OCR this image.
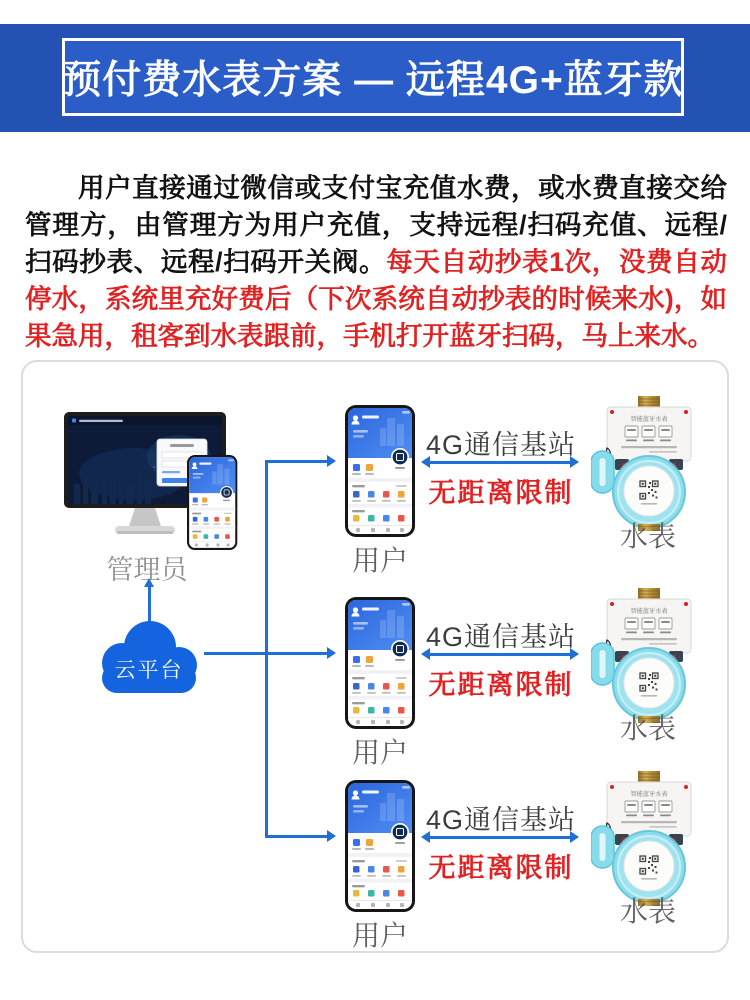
预付费水表方案 — 远程4G+蓝牙款

用户直接通过微信或支付宝充值水费，或水费直接交给管理方，由管理方为用户充值，支持远程/扫码充值、远程/扫码抄表、远程/扫码开关阀。每天自动抄表1次，没费自动停水，系统里充好费后（下次系统自动抄表的时候来水)，如果急用，租客到水表跟前，手机打开蓝牙扫码，马上来水。

管理员
云平台
用户
4G通信基站
无距离限制
智能蓝牙水表
水表
用户
4G通信基站
无距离限制
智能蓝牙水表
水表
用户
4G通信基站
无距离限制
智能蓝牙水表
水表
